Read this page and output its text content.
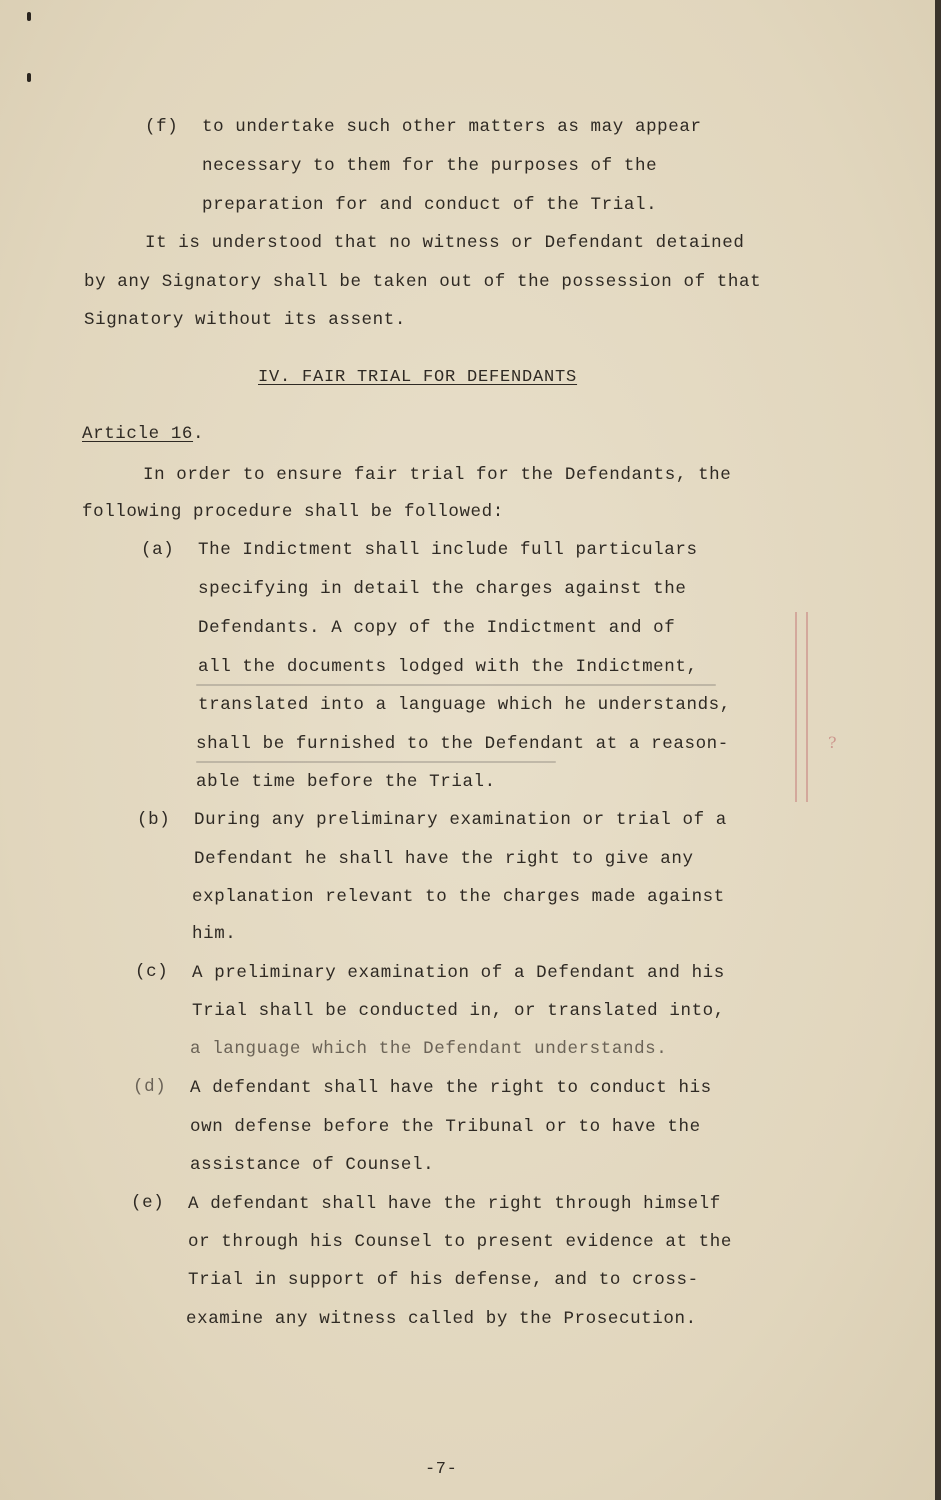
(f) to undertake such other matters as may appear
necessary to them for the purposes of the
preparation for and conduct of the Trial.
It is understood that no witness or Defendant detained
by any Signatory shall be taken out of the possession of that
Signatory without its assent.
IV. FAIR TRIAL FOR DEFENDANTS
Article 16.
In order to ensure fair trial for the Defendants, the
following procedure shall be followed:
(a) The Indictment shall include full particulars
specifying in detail the charges against the
Defendants. A copy of the Indictment and of
all the documents lodged with the Indictment,
translated into a language which he understands,
shall be furnished to the Defendant at a reason-
able time before the Trial.
?
(b) During any preliminary examination or trial of a
Defendant he shall have the right to give any
explanation relevant to the charges made against
him.
(c) A preliminary examination of a Defendant and his
Trial shall be conducted in, or translated into,
a language which the Defendant understands.
(d) A defendant shall have the right to conduct his
own defense before the Tribunal or to have the
assistance of Counsel.
(e) A defendant shall have the right through himself
or through his Counsel to present evidence at the
Trial in support of his defense, and to cross-
examine any witness called by the Prosecution.
-7-
